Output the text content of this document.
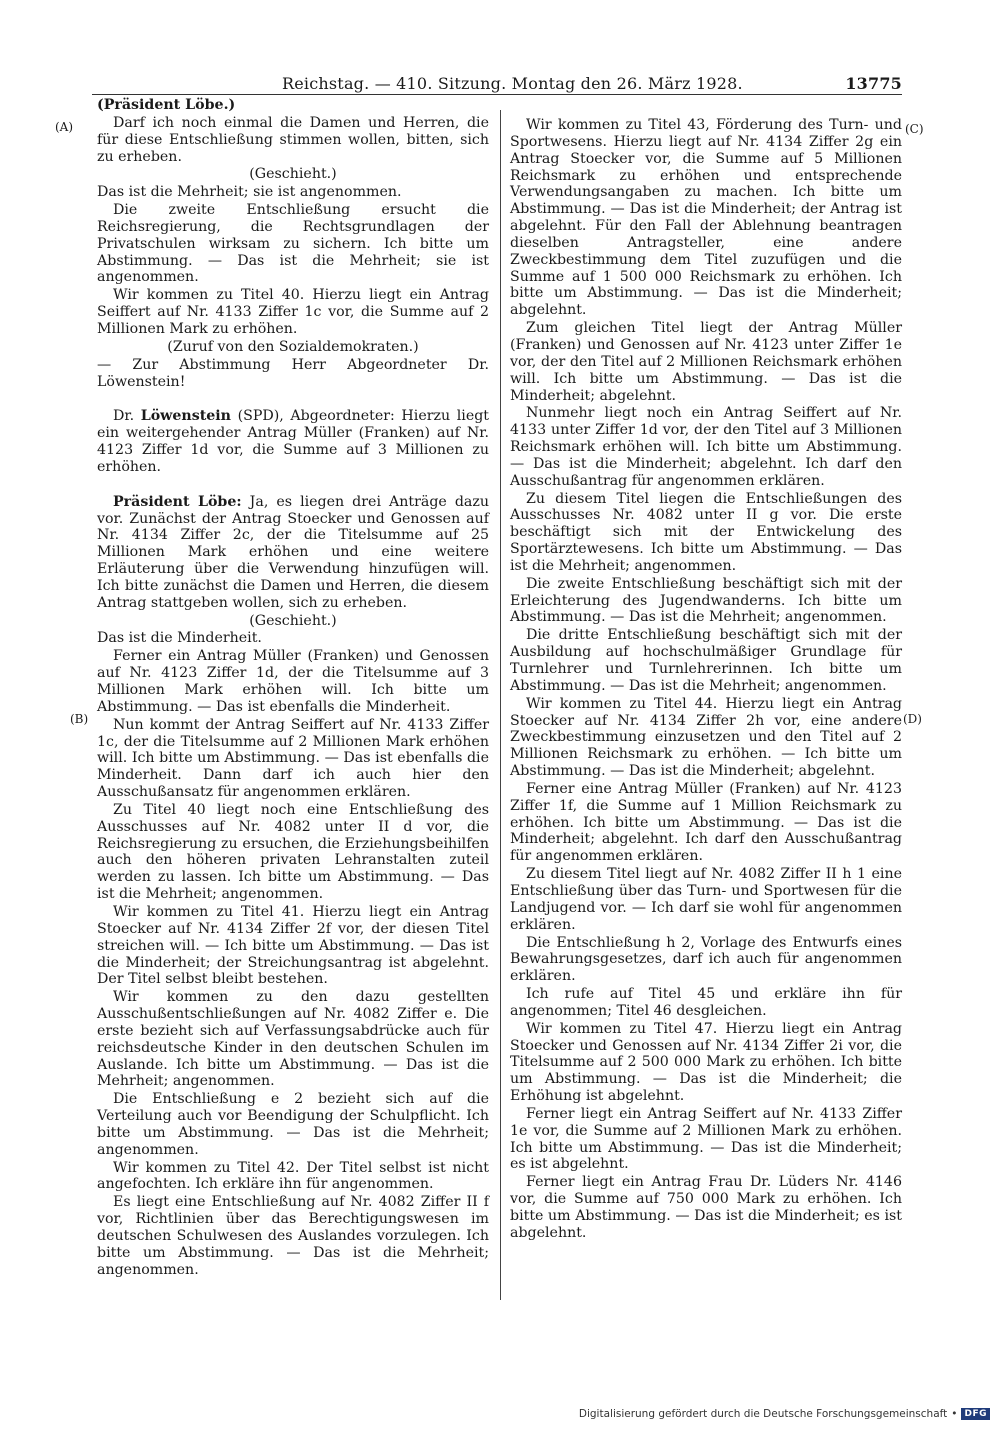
Reichstag. — 410. Sitzung. Montag den 26. März 1928.	13775
(A)
(B)
(C)
(D)

(Präsident Löbe.)

Darf ich noch einmal die Damen und Herren, die für diese Entschließung stimmen wollen, bitten, sich zu erheben.

(Geschieht.)

Das ist die Mehrheit; sie ist angenommen.

Die zweite Entschließung ersucht die Reichsregierung, die Rechtsgrundlagen der Privatschulen wirksam zu sichern. Ich bitte um Abstimmung. — Das ist die Mehrheit; sie ist angenommen.

Wir kommen zu Titel 40. Hierzu liegt ein Antrag Seiffert auf Nr. 4133 Ziffer 1c vor, die Summe auf 2 Millionen Mark zu erhöhen.

(Zuruf von den Sozialdemokraten.)

— Zur Abstimmung Herr Abgeordneter Dr. Löwenstein!

Dr. Löwenstein (SPD), Abgeordneter: Hierzu liegt ein weitergehender Antrag Müller (Franken) auf Nr. 4123 Ziffer 1d vor, die Summe auf 3 Millionen zu erhöhen.

Präsident Löbe: Ja, es liegen drei Anträge dazu vor. Zunächst der Antrag Stoecker und Genossen auf Nr. 4134 Ziffer 2c, der die Titelsumme auf 25 Millionen Mark erhöhen und eine weitere Erläuterung über die Verwendung hinzufügen will. Ich bitte zunächst die Damen und Herren, die diesem Antrag stattgeben wollen, sich zu erheben.

(Geschieht.)

Das ist die Minderheit.

Ferner ein Antrag Müller (Franken) und Genossen auf Nr. 4123 Ziffer 1d, der die Titelsumme auf 3 Millionen Mark erhöhen will. Ich bitte um Abstimmung. — Das ist ebenfalls die Minderheit.

Nun kommt der Antrag Seiffert auf Nr. 4133 Ziffer 1c, der die Titelsumme auf 2 Millionen Mark erhöhen will. Ich bitte um Abstimmung. — Das ist ebenfalls die Minderheit. Dann darf ich auch hier den Ausschußansatz für angenommen erklären.

Zu Titel 40 liegt noch eine Entschließung des Ausschusses auf Nr. 4082 unter II d vor, die Reichsregierung zu ersuchen, die Erziehungsbeihilfen auch den höheren privaten Lehranstalten zuteil werden zu lassen. Ich bitte um Abstimmung. — Das ist die Mehrheit; angenommen.

Wir kommen zu Titel 41. Hierzu liegt ein Antrag Stoecker auf Nr. 4134 Ziffer 2f vor, der diesen Titel streichen will. — Ich bitte um Abstimmung. — Das ist die Minderheit; der Streichungsantrag ist abgelehnt. Der Titel selbst bleibt bestehen.

Wir kommen zu den dazu gestellten Ausschußentschließungen auf Nr. 4082 Ziffer e. Die erste bezieht sich auf Verfassungsabdrücke auch für reichsdeutsche Kinder in den deutschen Schulen im Auslande. Ich bitte um Abstimmung. — Das ist die Mehrheit; angenommen.

Die Entschließung e 2 bezieht sich auf die Verteilung auch vor Beendigung der Schulpflicht. Ich bitte um Abstimmung. — Das ist die Mehrheit; angenommen.

Wir kommen zu Titel 42. Der Titel selbst ist nicht angefochten. Ich erkläre ihn für angenommen.

Es liegt eine Entschließung auf Nr. 4082 Ziffer II f vor, Richtlinien über das Berechtigungswesen im deutschen Schulwesen des Auslandes vorzulegen. Ich bitte um Abstimmung. — Das ist die Mehrheit; angenommen.

Wir kommen zu Titel 43, Förderung des Turn- und Sportwesens. Hierzu liegt auf Nr. 4134 Ziffer 2g ein Antrag Stoecker vor, die Summe auf 5 Millionen Reichsmark zu erhöhen und entsprechende Verwendungsangaben zu machen. Ich bitte um Abstimmung. — Das ist die Minderheit; der Antrag ist abgelehnt. Für den Fall der Ablehnung beantragen dieselben Antragsteller, eine andere Zweckbestimmung dem Titel zuzufügen und die Summe auf 1 500 000 Reichsmark zu erhöhen. Ich bitte um Abstimmung. — Das ist die Minderheit; abgelehnt.

Zum gleichen Titel liegt der Antrag Müller (Franken) und Genossen auf Nr. 4123 unter Ziffer 1e vor, der den Titel auf 2 Millionen Reichsmark erhöhen will. Ich bitte um Abstimmung. — Das ist die Minderheit; abgelehnt.

Nunmehr liegt noch ein Antrag Seiffert auf Nr. 4133 unter Ziffer 1d vor, der den Titel auf 3 Millionen Reichsmark erhöhen will. Ich bitte um Abstimmung. — Das ist die Minderheit; abgelehnt. Ich darf den Ausschußantrag für angenommen erklären.

Zu diesem Titel liegen die Entschließungen des Ausschusses Nr. 4082 unter II g vor. Die erste beschäftigt sich mit der Entwickelung des Sportärztewesens. Ich bitte um Abstimmung. — Das ist die Mehrheit; angenommen.

Die zweite Entschließung beschäftigt sich mit der Erleichterung des Jugendwanderns. Ich bitte um Abstimmung. — Das ist die Mehrheit; angenommen.

Die dritte Entschließung beschäftigt sich mit der Ausbildung auf hochschulmäßiger Grundlage für Turnlehrer und Turnlehrerinnen. Ich bitte um Abstimmung. — Das ist die Mehrheit; angenommen.

Wir kommen zu Titel 44. Hierzu liegt ein Antrag Stoecker auf Nr. 4134 Ziffer 2h vor, eine andere Zweckbestimmung einzusetzen und den Titel auf 2 Millionen Reichsmark zu erhöhen. — Ich bitte um Abstimmung. — Das ist die Minderheit; abgelehnt.

Ferner eine Antrag Müller (Franken) auf Nr. 4123 Ziffer 1f, die Summe auf 1 Million Reichsmark zu erhöhen. Ich bitte um Abstimmung. — Das ist die Minderheit; abgelehnt. Ich darf den Ausschußantrag für angenommen erklären.

Zu diesem Titel liegt auf Nr. 4082 Ziffer II h 1 eine Entschließung über das Turn- und Sportwesen für die Landjugend vor. — Ich darf sie wohl für angenommen erklären.

Die Entschließung h 2, Vorlage des Entwurfs eines Bewahrungsgesetzes, darf ich auch für angenommen erklären.

Ich rufe auf Titel 45 und erkläre ihn für angenommen; Titel 46 desgleichen.

Wir kommen zu Titel 47. Hierzu liegt ein Antrag Stoecker und Genossen auf Nr. 4134 Ziffer 2i vor, die Titelsumme auf 2 500 000 Mark zu erhöhen. Ich bitte um Abstimmung. — Das ist die Minderheit; die Erhöhung ist abgelehnt.

Ferner liegt ein Antrag Seiffert auf Nr. 4133 Ziffer 1e vor, die Summe auf 2 Millionen Mark zu erhöhen. Ich bitte um Abstimmung. — Das ist die Minderheit; es ist abgelehnt.

Ferner liegt ein Antrag Frau Dr. Lüders Nr. 4146 vor, die Summe auf 750 000 Mark zu erhöhen. Ich bitte um Abstimmung. — Das ist die Minderheit; es ist abgelehnt.

Digitalisierung gefördert durch die Deutsche Forschungsgemeinschaft • DFG
